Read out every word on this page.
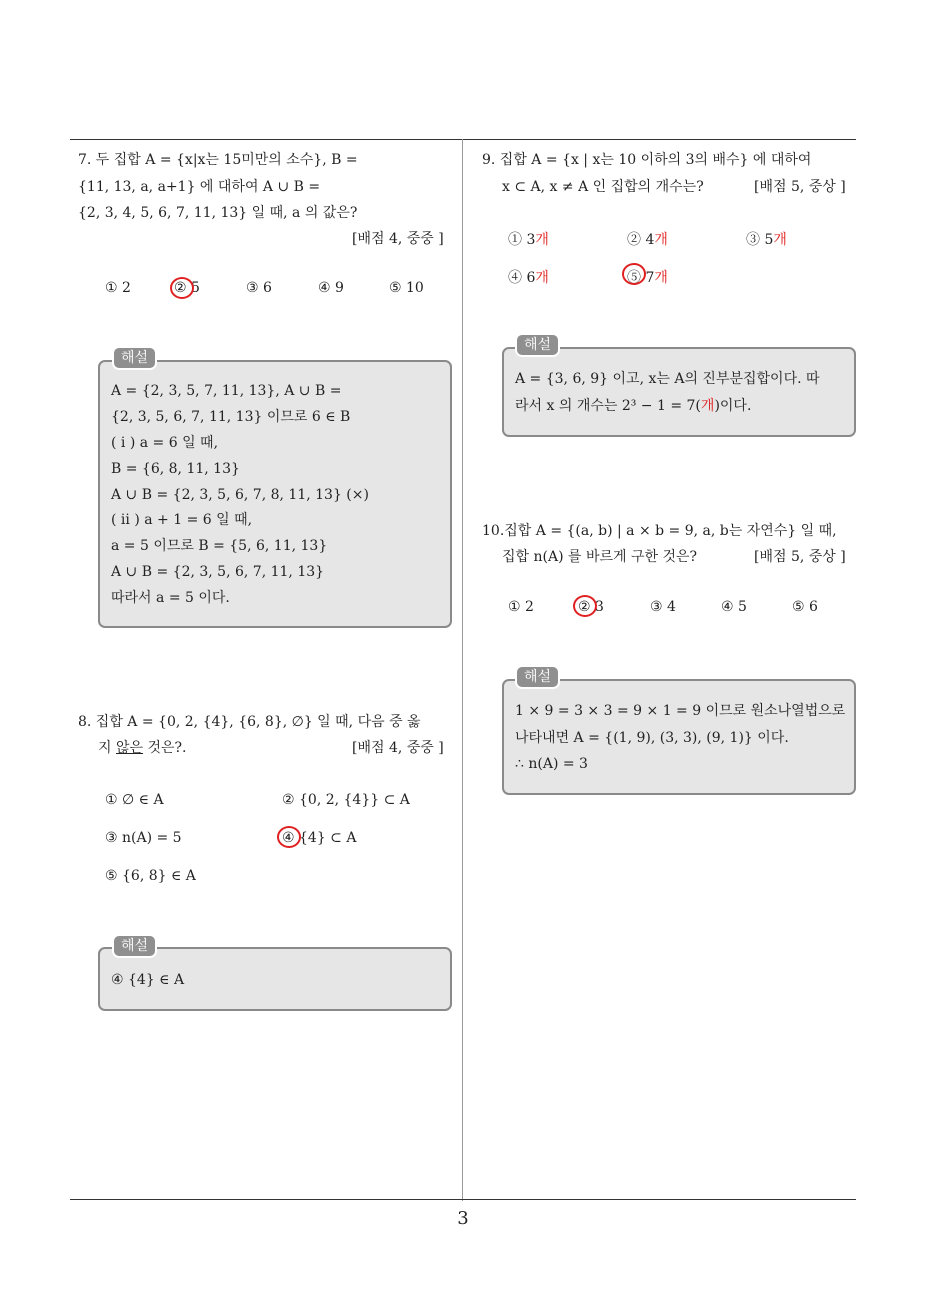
7. 두 집합 A = {x|x는 15미만의 소수}, B =
{11, 13, a, a+1} 에 대하여 A ∪ B =
{2, 3, 4, 5, 6, 7, 11, 13} 일 때, a 의 값은?
[배점 4, 중중 ]
① 2	② 5	③ 6	④ 9	⑤ 10
해설
A = {2, 3, 5, 7, 11, 13}, A ∪ B =
{2, 3, 5, 6, 7, 11, 13} 이므로 6 ∈ B
( i ) a = 6 일 때,
B = {6, 8, 11, 13}
A ∪ B = {2, 3, 5, 6, 7, 8, 11, 13} (×)
( ii ) a + 1 = 6 일 때,
a = 5 이므로 B = {5, 6, 11, 13}
A ∪ B = {2, 3, 5, 6, 7, 11, 13}
따라서 a = 5 이다.
8. 집합 A = {0, 2, {4}, {6, 8}, ∅} 일 때, 다음 중 옳
지 않은 것은?.	[배점 4, 중중 ]
① ∅ ∈ A	② {0, 2, {4}} ⊂ A
③ n(A) = 5	④ {4} ⊂ A
⑤ {6, 8} ∈ A
해설
④ {4} ∈ A
9. 집합 A = {x | x는 10 이하의 3의 배수} 에 대하여
x ⊂ A, x ≠ A 인 집합의 개수는?	[배점 5, 중상 ]
① 3개	② 4개	③ 5개
④ 6개	⑤ 7개
해설
A = {3, 6, 9} 이고, x는 A의 진부분집합이다. 따
라서 x 의 개수는 2³ − 1 = 7(개)이다.
10.집합 A = {(a, b) | a × b = 9, a, b는 자연수} 일 때,
집합 n(A) 를 바르게 구한 것은?	[배점 5, 중상 ]
① 2	② 3	③ 4	④ 5	⑤ 6
해설
1 × 9 = 3 × 3 = 9 × 1 = 9 이므로 원소나열법으로
나타내면 A = {(1, 9), (3, 3), (9, 1)} 이다.
∴ n(A) = 3
3
